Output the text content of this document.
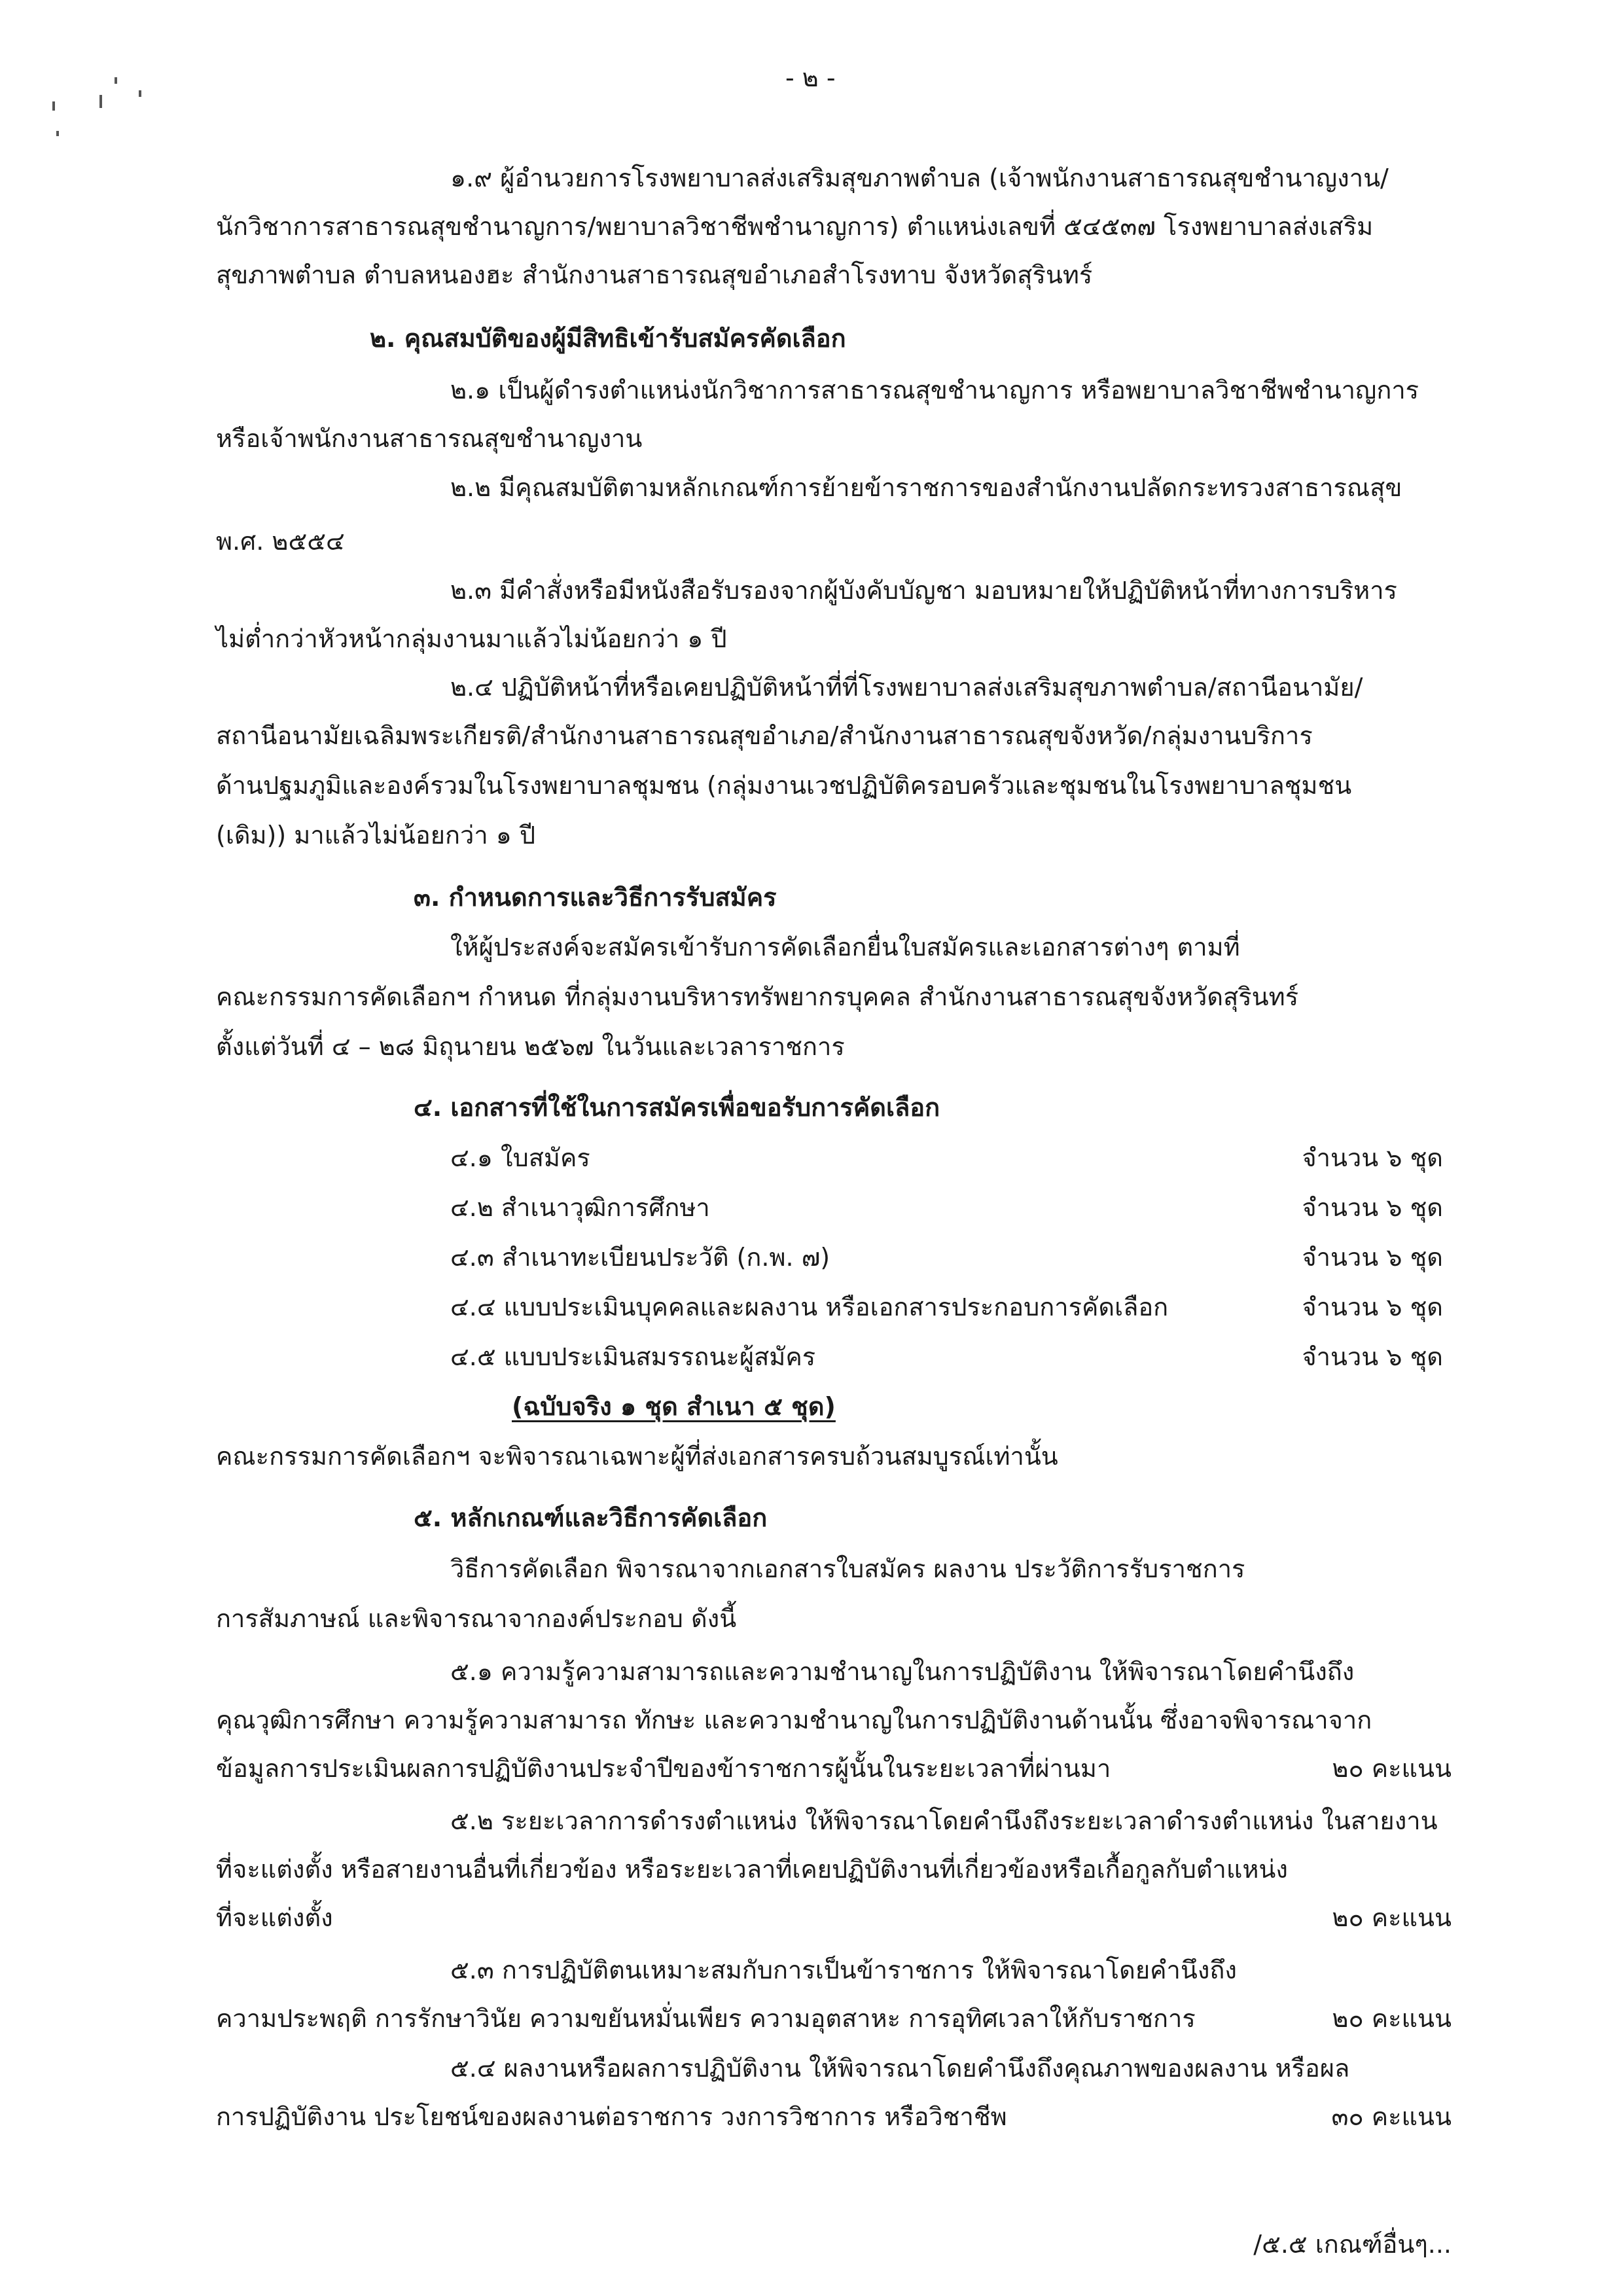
- ๒ -
๑.๙ ผู้อำนวยการโรงพยาบาลส่งเสริมสุขภาพตำบล (เจ้าพนักงานสาธารณสุขชำนาญงาน/
นักวิชาการสาธารณสุขชำนาญการ/พยาบาลวิชาชีพชำนาญการ) ตำแหน่งเลขที่ ๕๔๕๓๗ โรงพยาบาลส่งเสริม
สุขภาพตำบล ตำบลหนองฮะ สำนักงานสาธารณสุขอำเภอสำโรงทาบ จังหวัดสุรินทร์
๒. คุณสมบัติของผู้มีสิทธิเข้ารับสมัครคัดเลือก
๒.๑ เป็นผู้ดำรงตำแหน่งนักวิชาการสาธารณสุขชำนาญการ หรือพยาบาลวิชาชีพชำนาญการ
หรือเจ้าพนักงานสาธารณสุขชำนาญงาน
๒.๒ มีคุณสมบัติตามหลักเกณฑ์การย้ายข้าราชการของสำนักงานปลัดกระทรวงสาธารณสุข
พ.ศ. ๒๕๕๔
๒.๓ มีคำสั่งหรือมีหนังสือรับรองจากผู้บังคับบัญชา มอบหมายให้ปฏิบัติหน้าที่ทางการบริหาร
ไม่ต่ำกว่าหัวหน้ากลุ่มงานมาแล้วไม่น้อยกว่า ๑ ปี
๒.๔ ปฏิบัติหน้าที่หรือเคยปฏิบัติหน้าที่ที่โรงพยาบาลส่งเสริมสุขภาพตำบล/สถานีอนามัย/
สถานีอนามัยเฉลิมพระเกียรติ/สำนักงานสาธารณสุขอำเภอ/สำนักงานสาธารณสุขจังหวัด/กลุ่มงานบริการ
ด้านปฐมภูมิและองค์รวมในโรงพยาบาลชุมชน (กลุ่มงานเวชปฏิบัติครอบครัวและชุมชนในโรงพยาบาลชุมชน
(เดิม)) มาแล้วไม่น้อยกว่า ๑ ปี
๓. กำหนดการและวิธีการรับสมัคร
ให้ผู้ประสงค์จะสมัครเข้ารับการคัดเลือกยื่นใบสมัครและเอกสารต่างๆ ตามที่
คณะกรรมการคัดเลือกฯ กำหนด ที่กลุ่มงานบริหารทรัพยากรบุคคล สำนักงานสาธารณสุขจังหวัดสุรินทร์
ตั้งแต่วันที่ ๔ – ๒๘ มิถุนายน ๒๕๖๗ ในวันและเวลาราชการ
๔. เอกสารที่ใช้ในการสมัครเพื่อขอรับการคัดเลือก
๔.๑ ใบสมัคร	จำนวน ๖ ชุด
๔.๒ สำเนาวุฒิการศึกษา	จำนวน ๖ ชุด
๔.๓ สำเนาทะเบียนประวัติ (ก.พ. ๗)	จำนวน ๖ ชุด
๔.๔ แบบประเมินบุคคลและผลงาน หรือเอกสารประกอบการคัดเลือก	จำนวน ๖ ชุด
๔.๕ แบบประเมินสมรรถนะผู้สมัคร	จำนวน ๖ ชุด
(ฉบับจริง ๑ ชุด สำเนา ๕ ชุด)
คณะกรรมการคัดเลือกฯ จะพิจารณาเฉพาะผู้ที่ส่งเอกสารครบถ้วนสมบูรณ์เท่านั้น
๕. หลักเกณฑ์และวิธีการคัดเลือก
วิธีการคัดเลือก พิจารณาจากเอกสารใบสมัคร ผลงาน ประวัติการรับราชการ
การสัมภาษณ์ และพิจารณาจากองค์ประกอบ ดังนี้
๕.๑ ความรู้ความสามารถและความชำนาญในการปฏิบัติงาน ให้พิจารณาโดยคำนึงถึง
คุณวุฒิการศึกษา ความรู้ความสามารถ ทักษะ และความชำนาญในการปฏิบัติงานด้านนั้น ซึ่งอาจพิจารณาจาก
ข้อมูลการประเมินผลการปฏิบัติงานประจำปีของข้าราชการผู้นั้นในระยะเวลาที่ผ่านมา	๒๐ คะแนน
๕.๒ ระยะเวลาการดำรงตำแหน่ง ให้พิจารณาโดยคำนึงถึงระยะเวลาดำรงตำแหน่ง ในสายงาน
ที่จะแต่งตั้ง หรือสายงานอื่นที่เกี่ยวข้อง หรือระยะเวลาที่เคยปฏิบัติงานที่เกี่ยวข้องหรือเกื้อกูลกับตำแหน่ง
ที่จะแต่งตั้ง	๒๐ คะแนน
๕.๓ การปฏิบัติตนเหมาะสมกับการเป็นข้าราชการ ให้พิจารณาโดยคำนึงถึง
ความประพฤติ การรักษาวินัย ความขยันหมั่นเพียร ความอุตสาหะ การอุทิศเวลาให้กับราชการ	๒๐ คะแนน
๕.๔ ผลงานหรือผลการปฏิบัติงาน ให้พิจารณาโดยคำนึงถึงคุณภาพของผลงาน หรือผล
การปฏิบัติงาน ประโยชน์ของผลงานต่อราชการ วงการวิชาการ หรือวิชาชีพ	๓๐ คะแนน
/๕.๕ เกณฑ์อื่นๆ...
